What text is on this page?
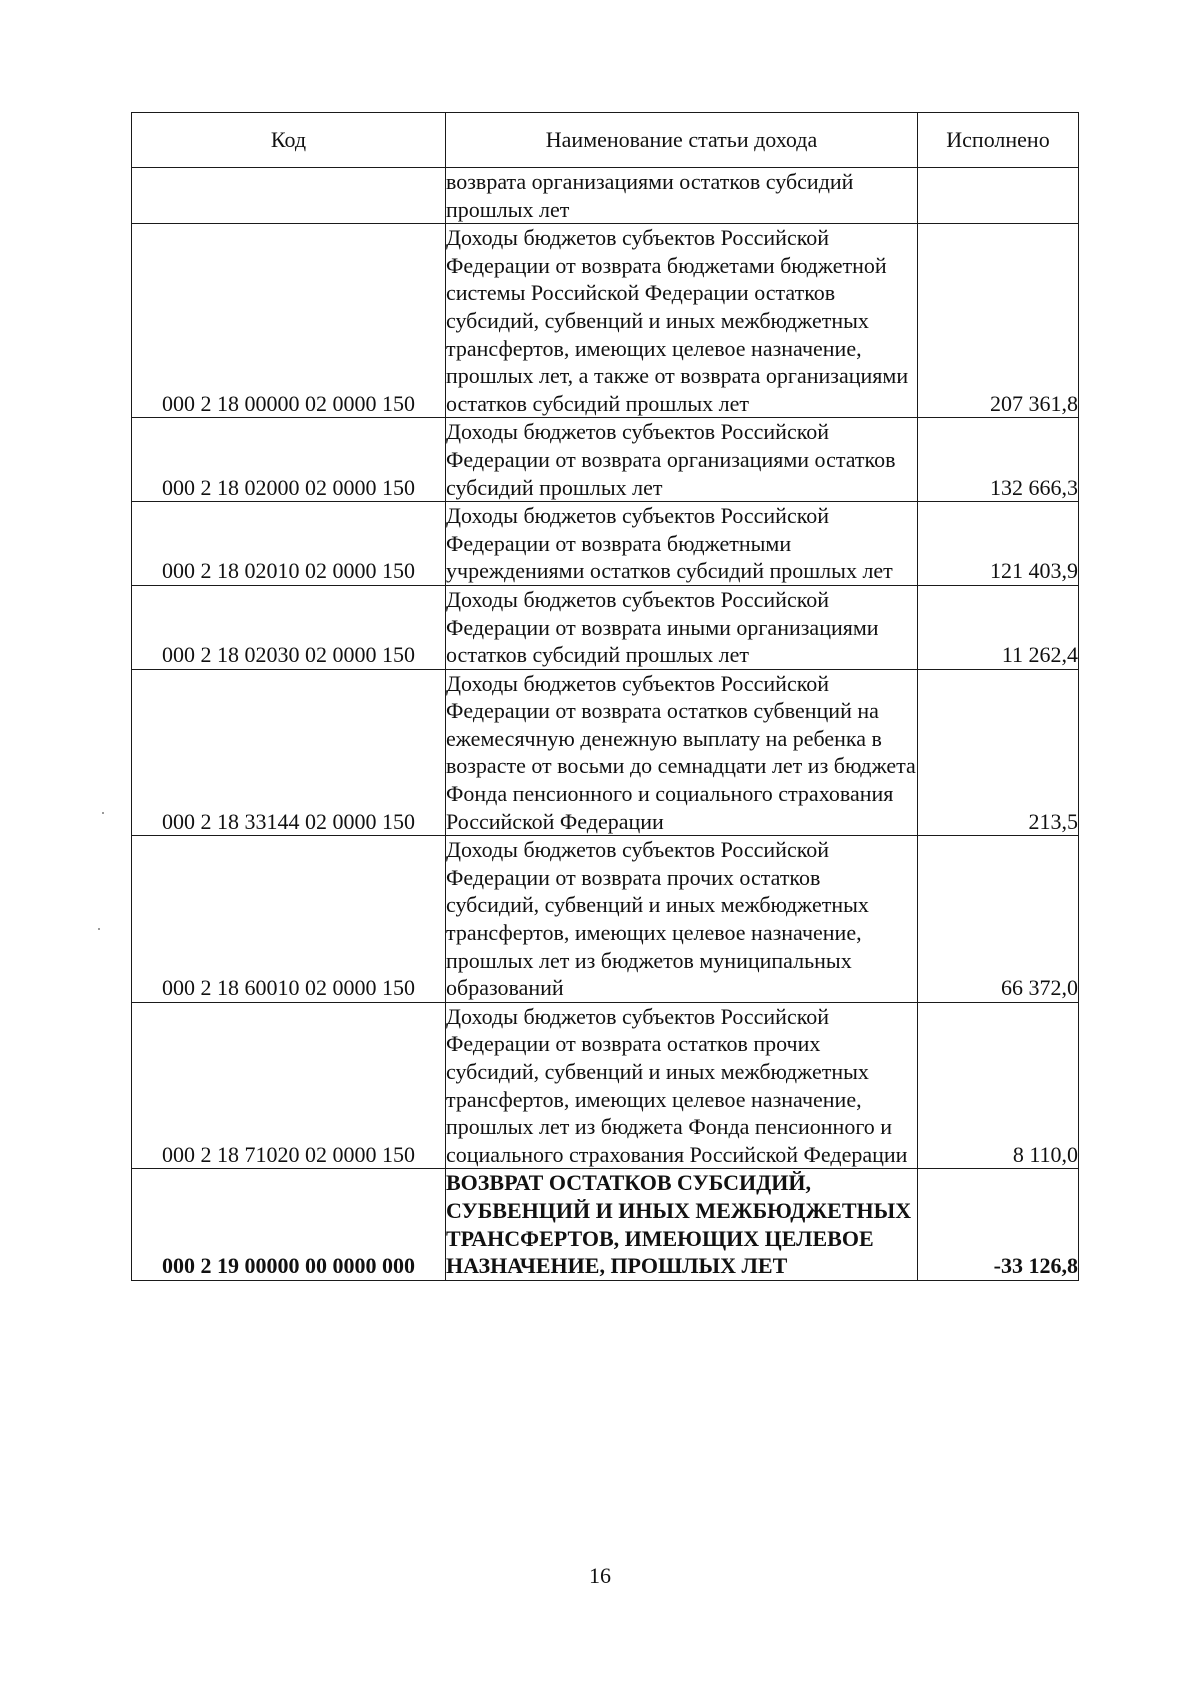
Код	Наименование статьи дохода	Исполнено
	возврата организациями остатков субсидий прошлых лет	
000 2 18 00000 02 0000 150	Доходы бюджетов субъектов Российской Федерации от возврата бюджетами бюджетной системы Российской Федерации остатков субсидий, субвенций и иных межбюджетных трансфертов, имеющих целевое назначение, прошлых лет, а также от возврата организациями остатков субсидий прошлых лет	207 361,8
000 2 18 02000 02 0000 150	Доходы бюджетов субъектов Российской Федерации от возврата организациями остатков субсидий прошлых лет	132 666,3
000 2 18 02010 02 0000 150	Доходы бюджетов субъектов Российской Федерации от возврата бюджетными учреждениями остатков субсидий прошлых лет	121 403,9
000 2 18 02030 02 0000 150	Доходы бюджетов субъектов Российской Федерации от возврата иными организациями остатков субсидий прошлых лет	11 262,4
000 2 18 33144 02 0000 150	Доходы бюджетов субъектов Российской Федерации от возврата остатков субвенций на ежемесячную денежную выплату на ребенка в возрасте от восьми до семнадцати лет из бюджета Фонда пенсионного и социального страхования Российской Федерации	213,5
000 2 18 60010 02 0000 150	Доходы бюджетов субъектов Российской Федерации от возврата прочих остатков субсидий, субвенций и иных межбюджетных трансфертов, имеющих целевое назначение, прошлых лет из бюджетов муниципальных образований	66 372,0
000 2 18 71020 02 0000 150	Доходы бюджетов субъектов Российской Федерации от возврата остатков прочих субсидий, субвенций и иных межбюджетных трансфертов, имеющих целевое назначение, прошлых лет из бюджета Фонда пенсионного и социального страхования Российской Федерации	8 110,0
000 2 19 00000 00 0000 000	ВОЗВРАТ ОСТАТКОВ СУБСИДИЙ, СУБВЕНЦИЙ И ИНЫХ МЕЖБЮДЖЕТНЫХ ТРАНСФЕРТОВ, ИМЕЮЩИХ ЦЕЛЕВОЕ НАЗНАЧЕНИЕ, ПРОШЛЫХ ЛЕТ	-33 126,8
16
